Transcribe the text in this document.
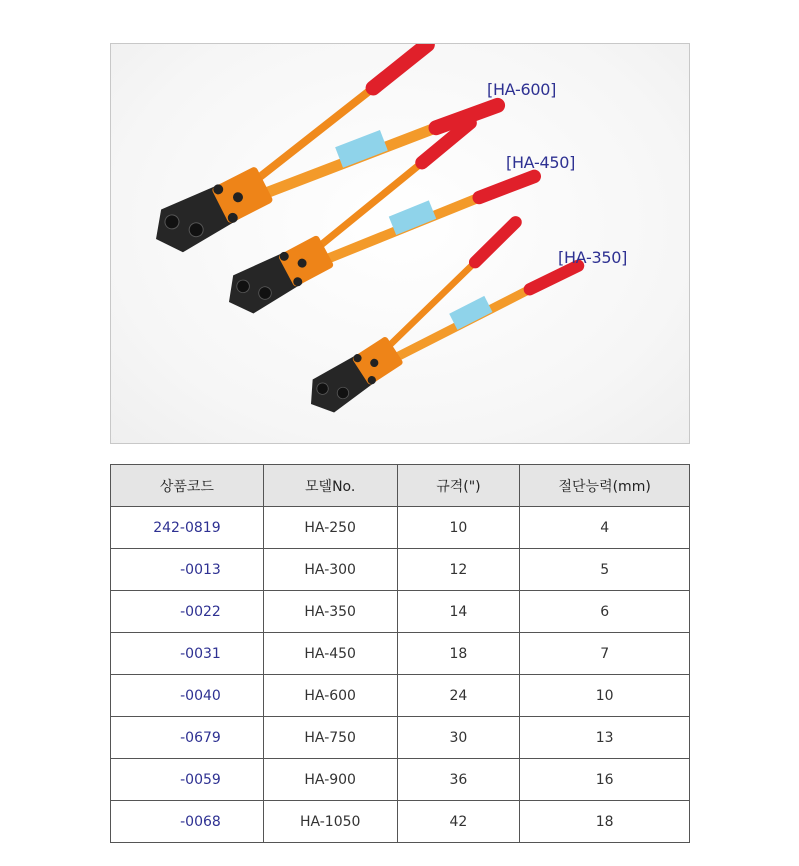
[HA-600]
[HA-450]
[HA-350]
상품코드	모델No.	규격(")	절단능력(mm)
242-0819	HA-250	10	4
-0013	HA-300	12	5
-0022	HA-350	14	6
-0031	HA-450	18	7
-0040	HA-600	24	10
-0679	HA-750	30	13
-0059	HA-900	36	16
-0068	HA-1050	42	18
